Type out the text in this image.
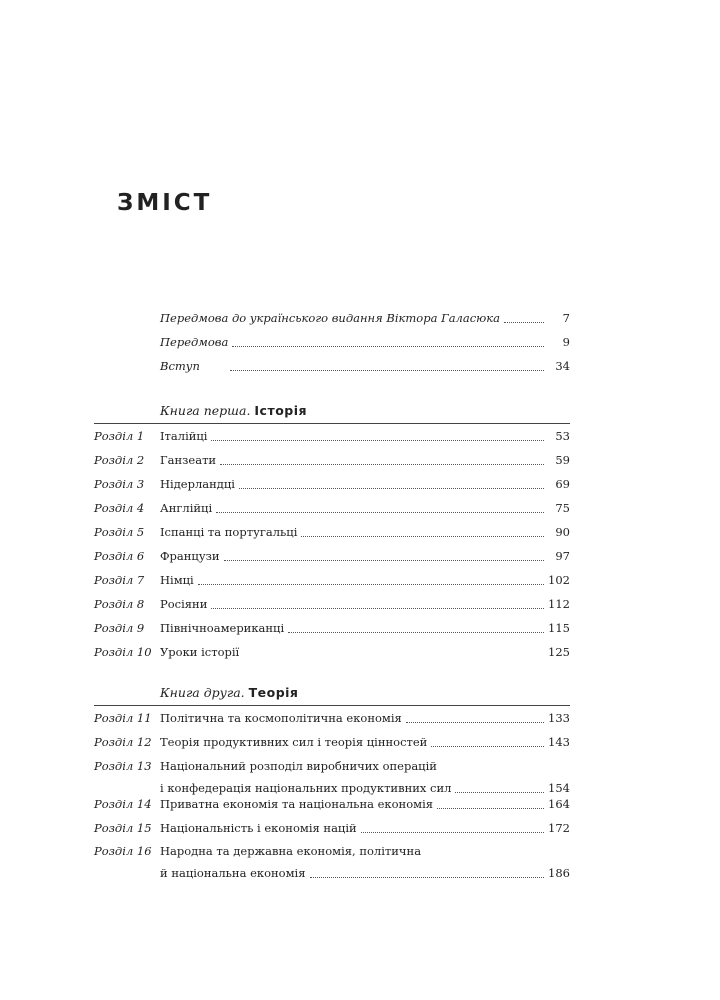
ЗМІСТ
Передмова до українського видання Віктора Галасюка	7
Передмова	9
Вступ	34
Книга перша. Історія
Розділ 1 Італійці	53
Розділ 2 Ганзеати	59
Розділ 3 Нідерландці	69
Розділ 4 Англійці	75
Розділ 5 Іспанці та португальці	90
Розділ 6 Французи	97
Розділ 7 Німці	102
Розділ 8 Росіяни	112
Розділ 9 Північноамериканці	115
Розділ 10 Уроки історії	125
Книга друга. Теорія
Розділ 11 Політична та космополітична економія	133
Розділ 12 Теорія продуктивних сил і теорія цінностей	143
Розділ 13 Національний розподіл виробничих операцій
і конфедерація національних продуктивних сил	154
Розділ 14 Приватна економія та національна економія	164
Розділ 15 Національність і економія націй	172
Розділ 16 Народна та державна економія, політична
й національна економія	186
